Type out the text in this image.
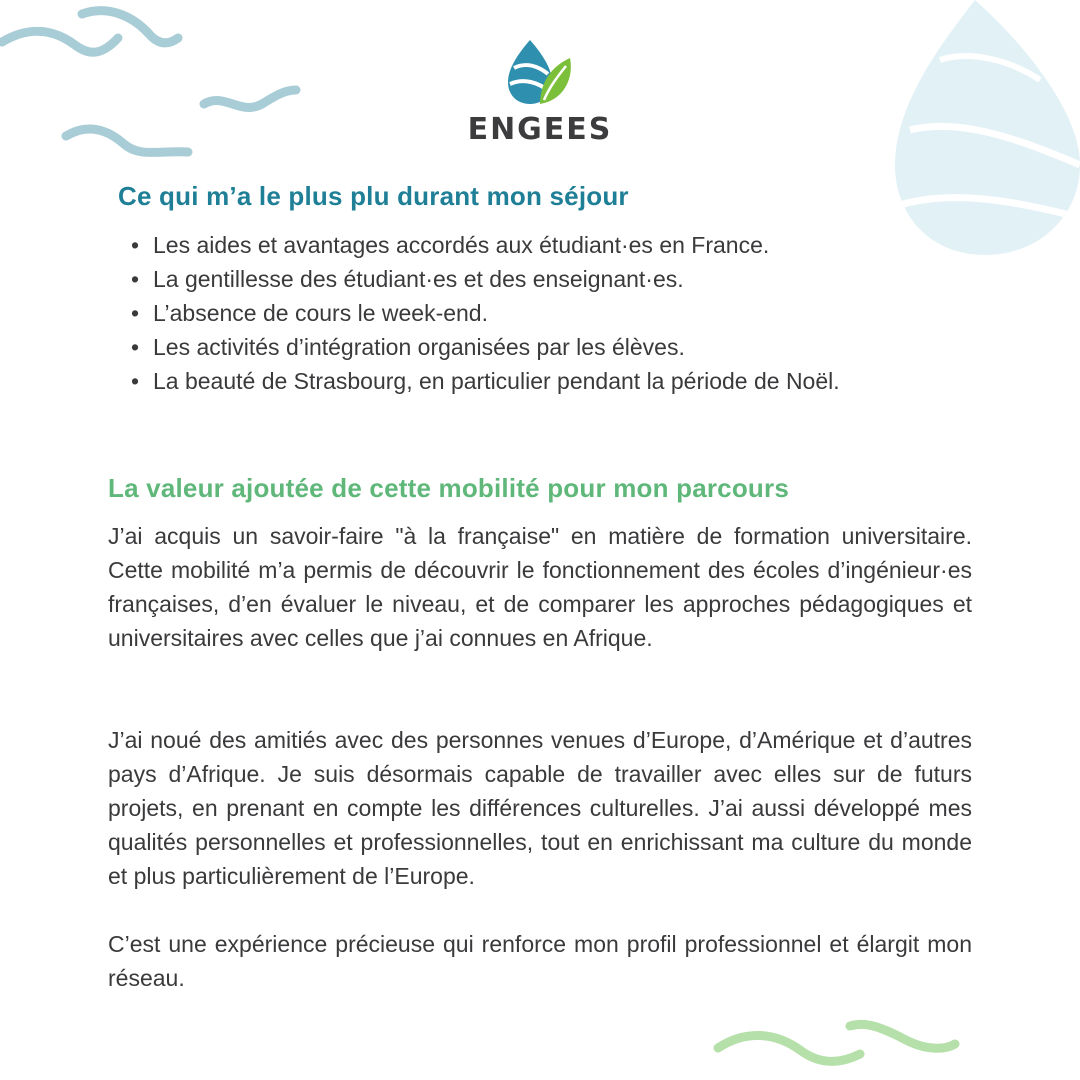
ENGEES
Ce qui m’a le plus plu durant mon séjour
• Les aides et avantages accordés aux étudiant·es en France.
• La gentillesse des étudiant·es et des enseignant·es.
• L’absence de cours le week-end.
• Les activités d’intégration organisées par les élèves.
• La beauté de Strasbourg, en particulier pendant la période de Noël.
La valeur ajoutée de cette mobilité pour mon parcours

J’ai acquis un savoir-faire "à la française" en matière de formation universitaire. Cette mobilité m’a permis de découvrir le fonctionnement des écoles d’ingénieur·es françaises, d’en évaluer le niveau, et de comparer les approches pédagogiques et universitaires avec celles que j’ai connues en Afrique.

J’ai noué des amitiés avec des personnes venues d’Europe, d’Amérique et d’autres pays d’Afrique. Je suis désormais capable de travailler avec elles sur de futurs projets, en prenant en compte les différences culturelles. J’ai aussi développé mes qualités personnelles et professionnelles, tout en enrichissant ma culture du monde et plus particulièrement de l’Europe.

C’est une expérience précieuse qui renforce mon profil professionnel et élargit mon réseau.
